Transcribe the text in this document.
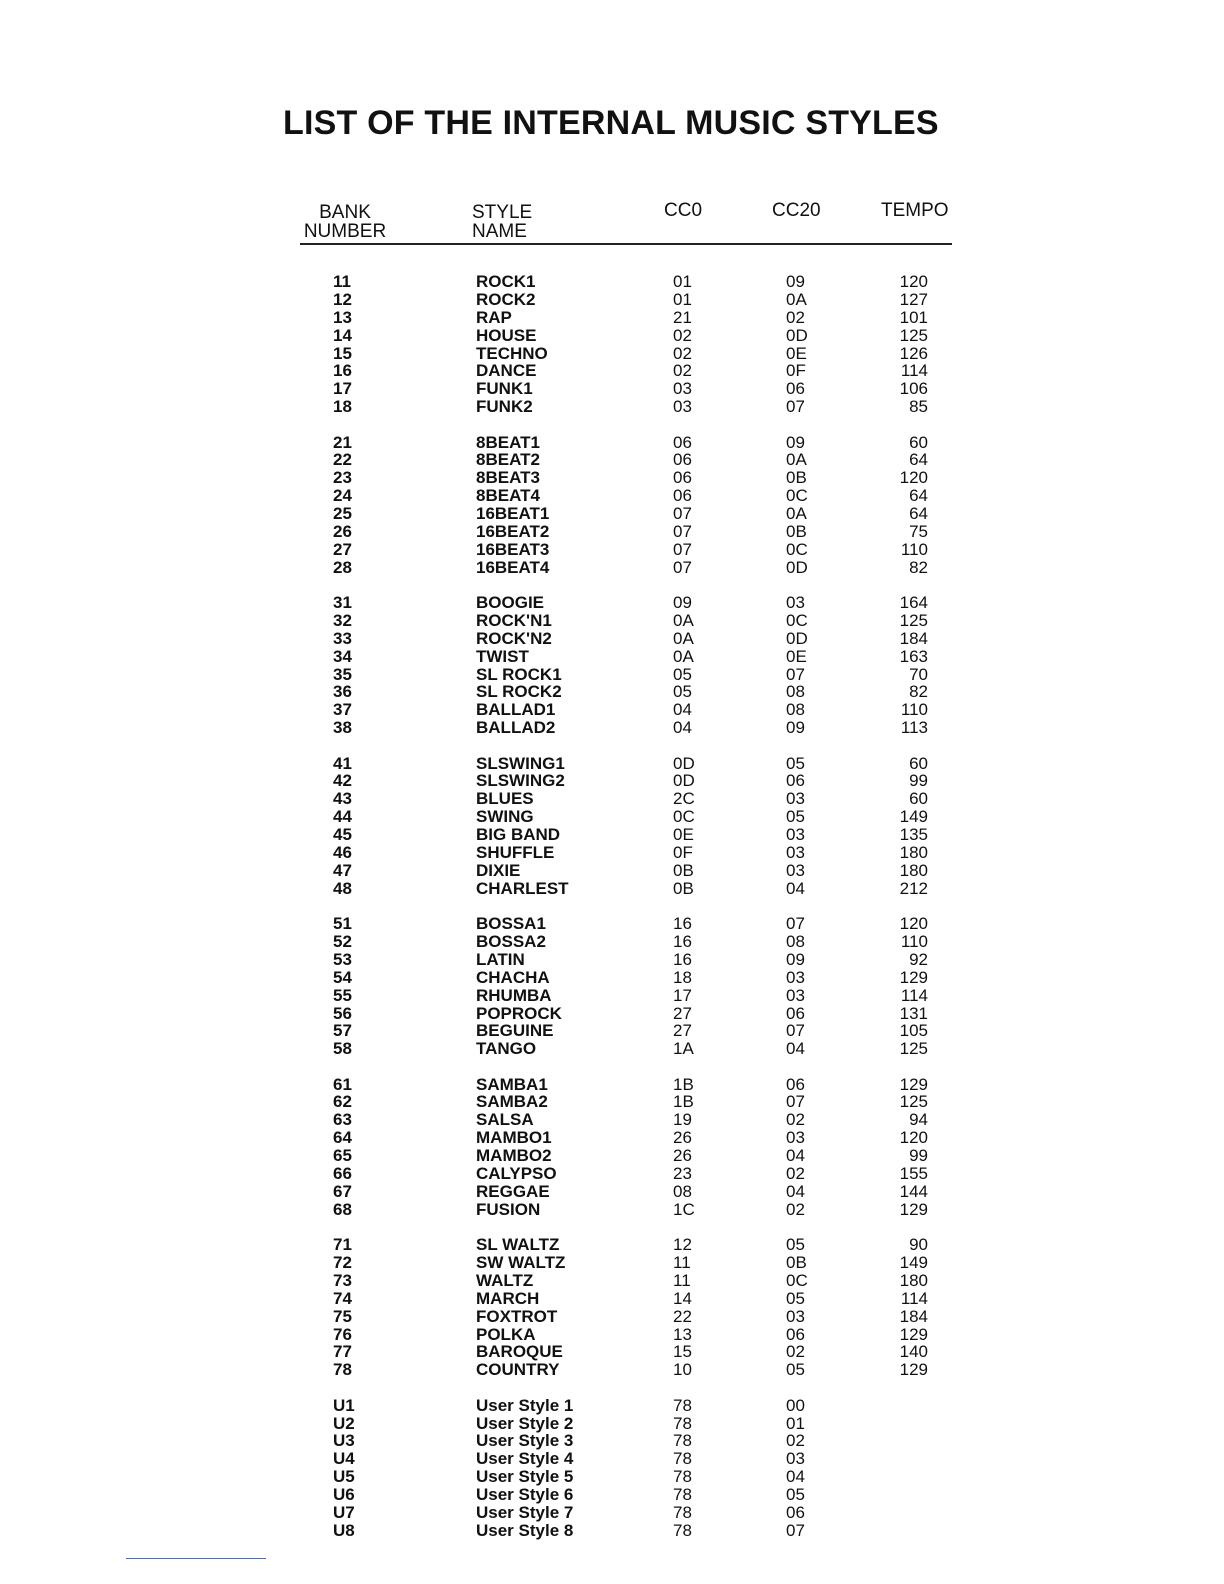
LIST OF THE INTERNAL MUSIC STYLES
BANK
NUMBER
STYLE
NAME
CC0	CC20	TEMPO
11	ROCK1	01	09	120
12	ROCK2	01	0A	127
13	RAP	21	02	101
14	HOUSE	02	0D	125
15	TECHNO	02	0E	126
16	DANCE	02	0F	114
17	FUNK1	03	06	106
18	FUNK2	03	07	85
21	8BEAT1	06	09	60
22	8BEAT2	06	0A	64
23	8BEAT3	06	0B	120
24	8BEAT4	06	0C	64
25	16BEAT1	07	0A	64
26	16BEAT2	07	0B	75
27	16BEAT3	07	0C	110
28	16BEAT4	07	0D	82
31	BOOGIE	09	03	164
32	ROCK'N1	0A	0C	125
33	ROCK'N2	0A	0D	184
34	TWIST	0A	0E	163
35	SL ROCK1	05	07	70
36	SL ROCK2	05	08	82
37	BALLAD1	04	08	110
38	BALLAD2	04	09	113
41	SLSWING1	0D	05	60
42	SLSWING2	0D	06	99
43	BLUES	2C	03	60
44	SWING	0C	05	149
45	BIG BAND	0E	03	135
46	SHUFFLE	0F	03	180
47	DIXIE	0B	03	180
48	CHARLEST	0B	04	212
51	BOSSA1	16	07	120
52	BOSSA2	16	08	110
53	LATIN	16	09	92
54	CHACHA	18	03	129
55	RHUMBA	17	03	114
56	POPROCK	27	06	131
57	BEGUINE	27	07	105
58	TANGO	1A	04	125
61	SAMBA1	1B	06	129
62	SAMBA2	1B	07	125
63	SALSA	19	02	94
64	MAMBO1	26	03	120
65	MAMBO2	26	04	99
66	CALYPSO	23	02	155
67	REGGAE	08	04	144
68	FUSION	1C	02	129
71	SL WALTZ	12	05	90
72	SW WALTZ	11	0B	149
73	WALTZ	11	0C	180
74	MARCH	14	05	114
75	FOXTROT	22	03	184
76	POLKA	13	06	129
77	BAROQUE	15	02	140
78	COUNTRY	10	05	129
U1	User Style 1	78	00
U2	User Style 2	78	01
U3	User Style 3	78	02
U4	User Style 4	78	03
U5	User Style 5	78	04
U6	User Style 6	78	05
U7	User Style 7	78	06
U8	User Style 8	78	07
